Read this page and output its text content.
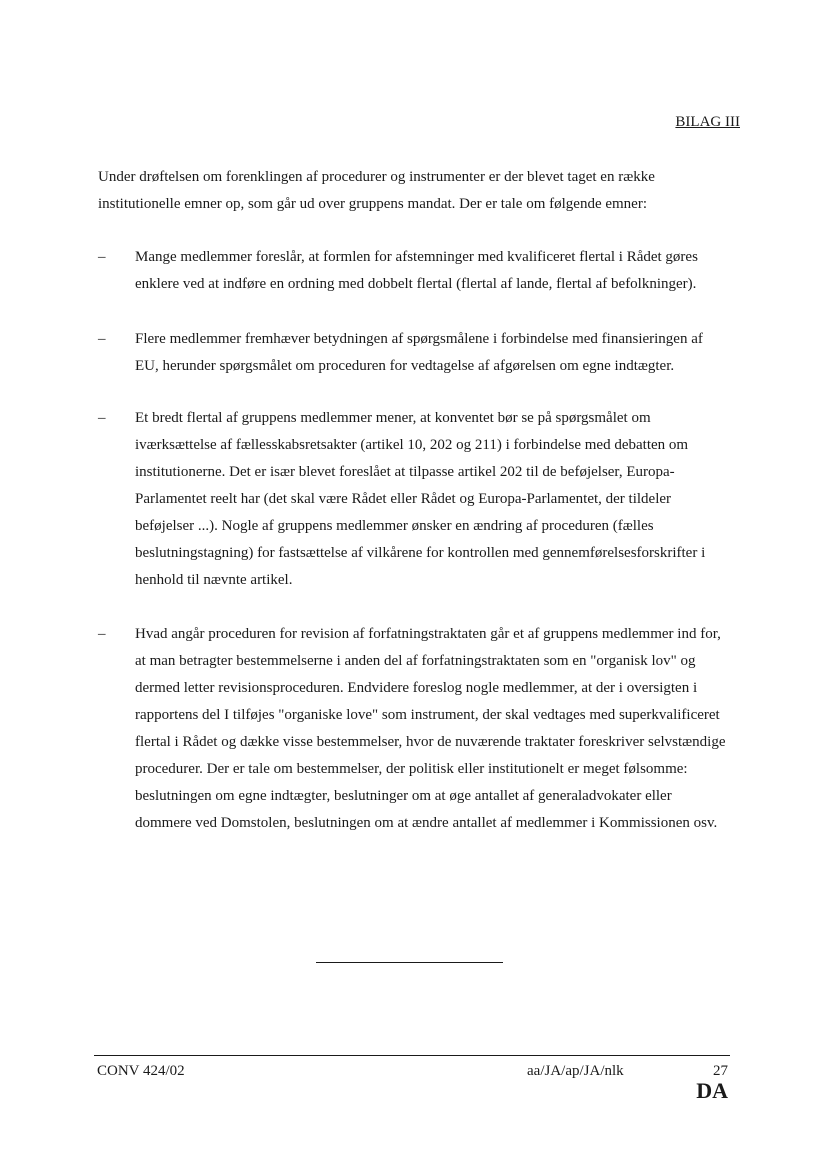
BILAG III

Under drøftelsen om forenklingen af procedurer og instrumenter er der blevet taget en række institutionelle emner op, som går ud over gruppens mandat. Der er tale om følgende emner:

– Mange medlemmer foreslår, at formlen for afstemninger med kvalificeret flertal i Rådet gøres enklere ved at indføre en ordning med dobbelt flertal (flertal af lande, flertal af befolkninger).

– Flere medlemmer fremhæver betydningen af spørgsmålene i forbindelse med finansieringen af EU, herunder spørgsmålet om proceduren for vedtagelse af afgørelsen om egne indtægter.

– Et bredt flertal af gruppens medlemmer mener, at konventet bør se på spørgsmålet om iværksættelse af fællesskabsretsakter (artikel 10, 202 og 211) i forbindelse med debatten om institutionerne. Det er især blevet foreslået at tilpasse artikel 202 til de beføjelser, Europa-Parlamentet reelt har (det skal være Rådet eller Rådet og Europa-Parlamentet, der tildeler beføjelser ...). Nogle af gruppens medlemmer ønsker en ændring af proceduren (fælles beslutningstagning) for fastsættelse af vilkårene for kontrollen med gennemførelsesforskrifter i henhold til nævnte artikel.

– Hvad angår proceduren for revision af forfatningstraktaten går et af gruppens medlemmer ind for, at man betragter bestemmelserne i anden del af forfatningstraktaten som en "organisk lov" og dermed letter revisionsproceduren. Endvidere foreslog nogle medlemmer, at der i oversigten i rapportens del I tilføjes "organiske love" som instrument, der skal vedtages med superkvalificeret flertal i Rådet og dække visse bestemmelser, hvor de nuværende traktater foreskriver selvstændige procedurer. Der er tale om bestemmelser, der politisk eller institutionelt er meget følsomme: beslutningen om egne indtægter, beslutninger om at øge antallet af generaladvokater eller dommere ved Domstolen, beslutningen om at ændre antallet af medlemmer i Kommissionen osv.

CONV 424/02	aa/JA/ap/JA/nlk	27
DA
